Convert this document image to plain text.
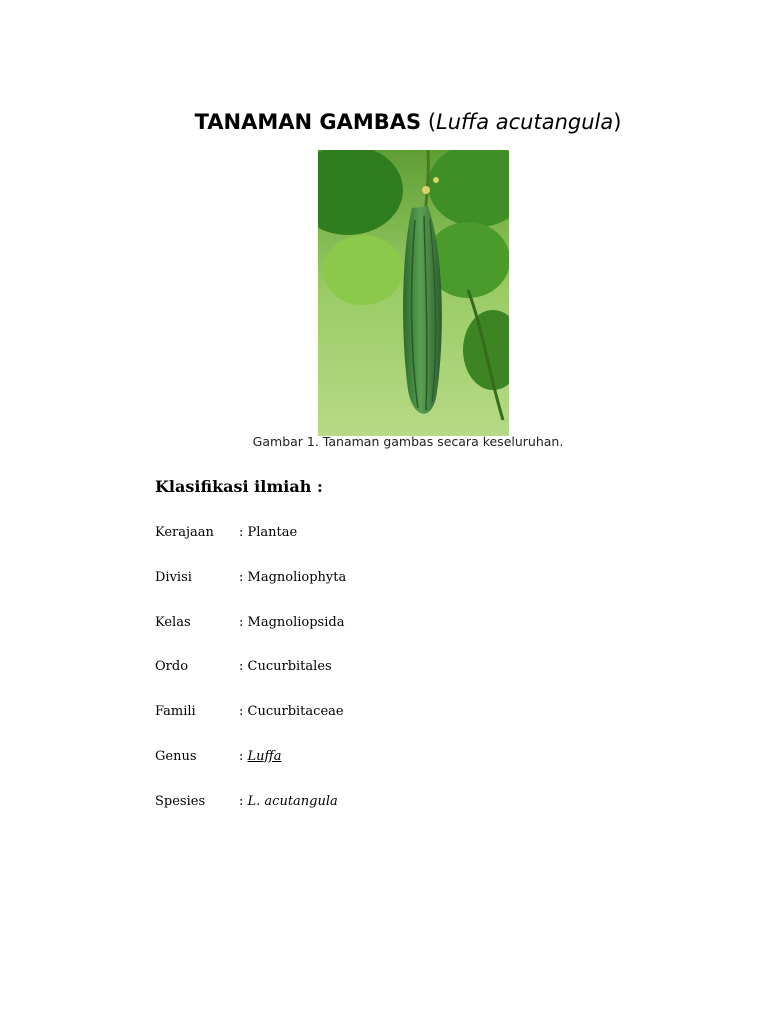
TANAMAN GAMBAS (Luffa acutangula)
Gambar 1. Tanaman gambas secara keseluruhan.
Klasifikasi ilmiah :
Kerajaan : Plantae
Divisi	: Magnoliophyta
Kelas	: Magnoliopsida
Ordo	: Cucurbitales
Famili	: Cucurbitaceae
Genus	: Luffa
Spesies	: L. acutangula
